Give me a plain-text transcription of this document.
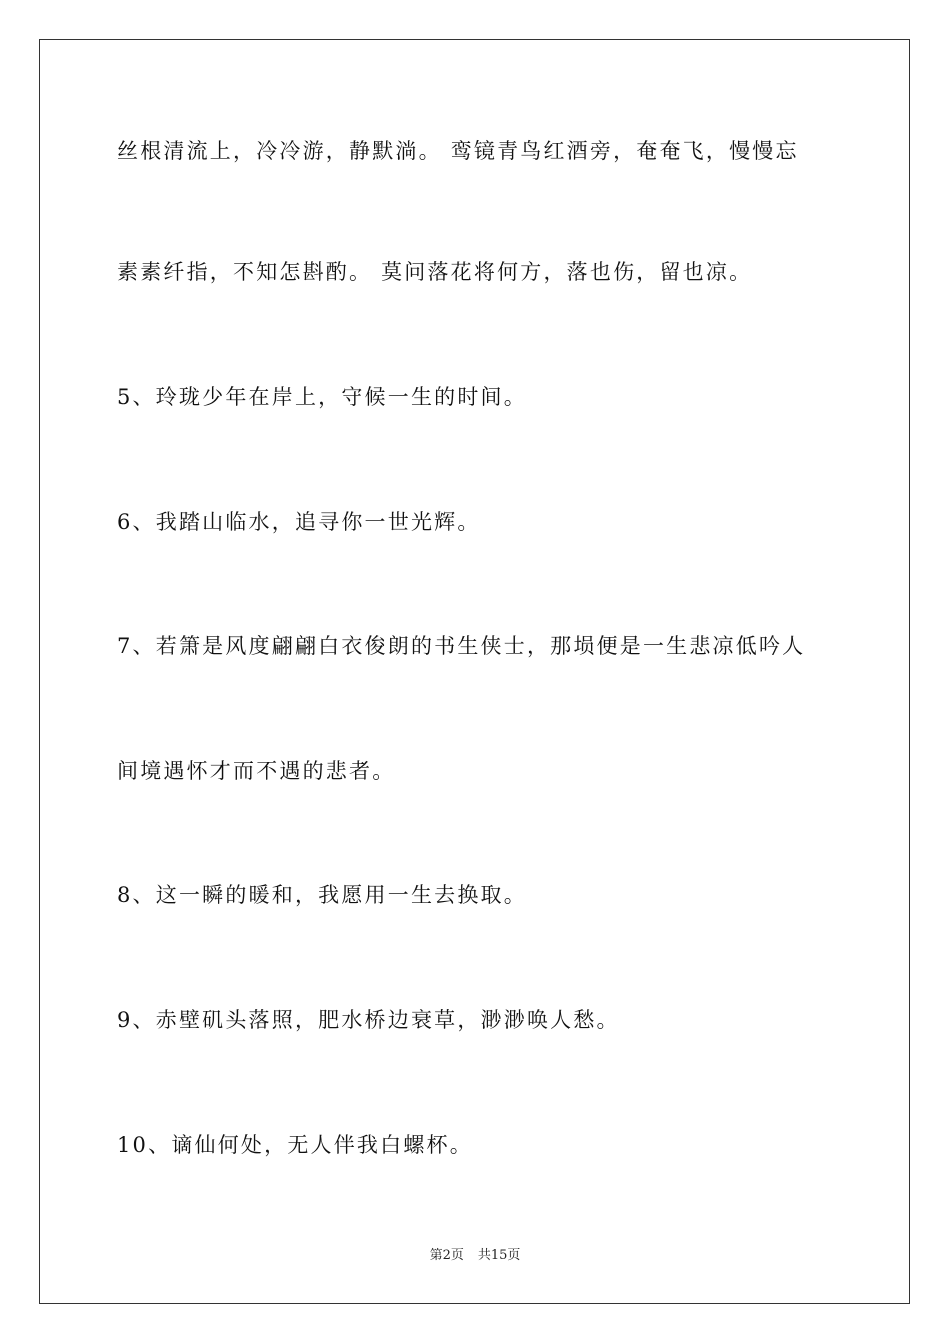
丝根清流上，冷冷游，静默淌。 鸾镜青鸟红酒旁，奄奄飞，慢慢忘
素素纤指，不知怎斟酌。 莫问落花将何方，落也伤，留也凉。
5、玲珑少年在岸上，守候一生的时间。
6、我踏山临水，追寻你一世光辉。
7、若箫是风度翩翩白衣俊朗的书生侠士，那埙便是一生悲凉低吟人
间境遇怀才而不遇的悲者。
8、这一瞬的暖和，我愿用一生去换取。
9、赤壁矶头落照，肥水桥边衰草，渺渺唤人愁。
10、谪仙何处，无人伴我白螺杯。
第2页 共15页
